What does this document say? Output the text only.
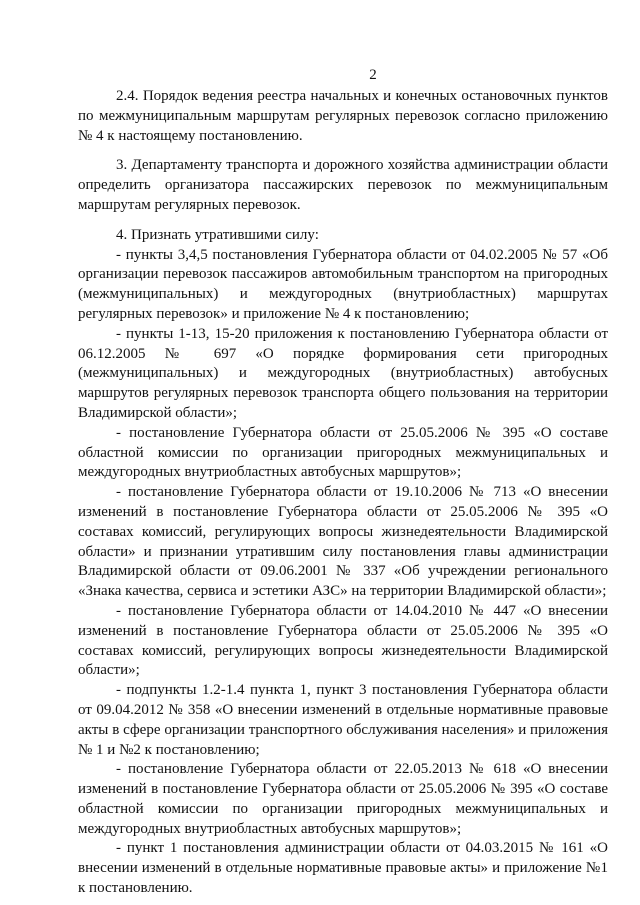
2

2.4. Порядок ведения реестра начальных и конечных остановочных пунктов по межмуниципальным маршрутам регулярных перевозок согласно приложению № 4 к настоящему постановлению.

3. Департаменту транспорта и дорожного хозяйства администрации области определить организатора пассажирских перевозок по межмуниципальным маршрутам регулярных перевозок.

4. Признать утратившими силу:

- пункты 3,4,5 постановления Губернатора области от 04.02.2005 № 57 «Об организации перевозок пассажиров автомобильным транспортом на пригородных (межмуниципальных) и междугородных (внутриобластных) маршрутах регулярных перевозок» и приложение № 4 к постановлению;

- пункты 1-13, 15-20 приложения к постановлению Губернатора области от 06.12.2005 № 697 «О порядке формирования сети пригородных (межмуниципальных) и междугородных (внутриобластных) автобусных маршрутов регулярных перевозок транспорта общего пользования на территории Владимирской области»;

- постановление Губернатора области от 25.05.2006 № 395 «О составе областной комиссии по организации пригородных межмуниципальных и междугородных внутриобластных автобусных маршрутов»;

- постановление Губернатора области от 19.10.2006 № 713 «О внесении изменений в постановление Губернатора области от 25.05.2006 № 395 «О составах комиссий, регулирующих вопросы жизнедеятельности Владимирской области» и признании утратившим силу постановления главы администрации Владимирской области от 09.06.2001 № 337 «Об учреждении регионального «Знака качества, сервиса и эстетики АЗС» на территории Владимирской области»;

- постановление Губернатора области от 14.04.2010 № 447 «О внесении изменений в постановление Губернатора области от 25.05.2006 № 395 «О составах комиссий, регулирующих вопросы жизнедеятельности Владимирской области»;

- подпункты 1.2-1.4 пункта 1, пункт 3 постановления Губернатора области от 09.04.2012 № 358 «О внесении изменений в отдельные нормативные правовые акты в сфере организации транспортного обслуживания населения» и приложения № 1 и №2 к постановлению;

- постановление Губернатора области от 22.05.2013 № 618 «О внесении изменений в постановление Губернатора области от 25.05.2006 № 395 «О составе областной комиссии по организации пригородных межмуниципальных и междугородных внутриобластных автобусных маршрутов»;

- пункт 1 постановления администрации области от 04.03.2015 № 161 «О внесении изменений в отдельные нормативные правовые акты» и приложение №1 к постановлению.
